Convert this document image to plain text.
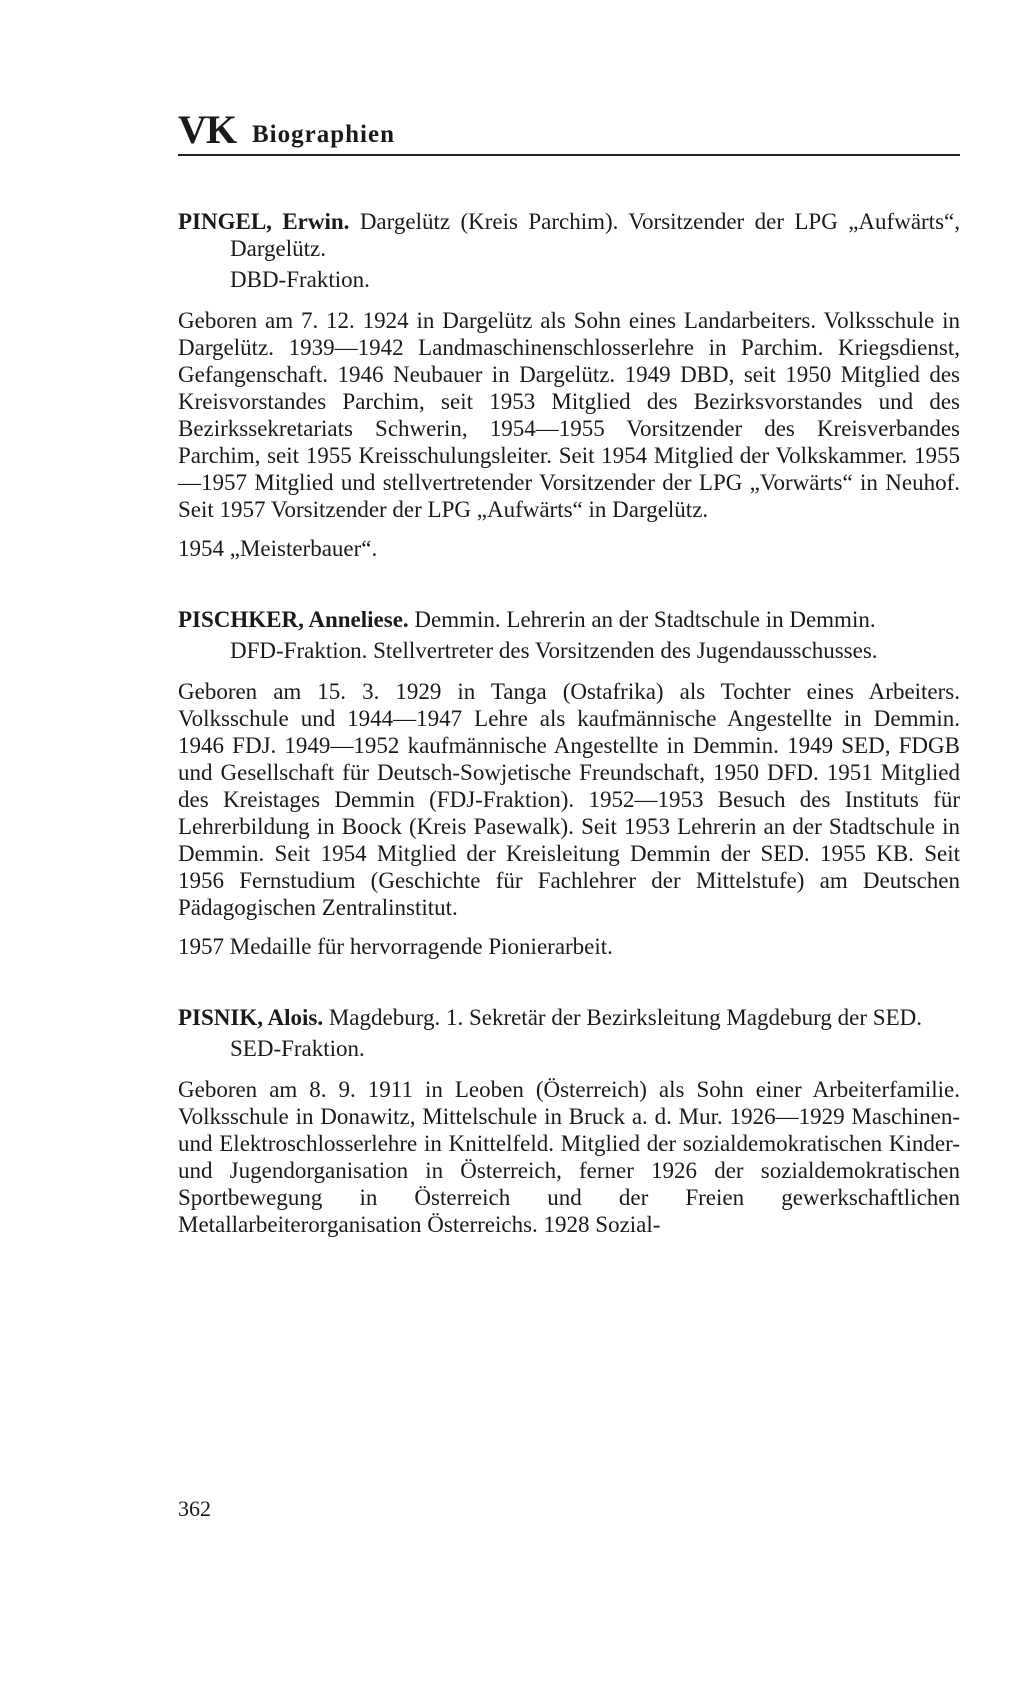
VK Biographien

PINGEL, Erwin. Dargelütz (Kreis Parchim). Vorsitzender der LPG „Aufwärts“, Dargelütz.

DBD-Fraktion.

Geboren am 7. 12. 1924 in Dargelütz als Sohn eines Landarbeiters. Volksschule in Dargelütz. 1939—1942 Landmaschinenschlosserlehre in Parchim. Kriegsdienst, Gefangenschaft. 1946 Neubauer in Dargelütz. 1949 DBD, seit 1950 Mitglied des Kreisvorstandes Parchim, seit 1953 Mitglied des Bezirksvorstandes und des Bezirkssekretariats Schwerin, 1954—1955 Vorsitzender des Kreisverbandes Parchim, seit 1955 Kreisschulungsleiter. Seit 1954 Mitglied der Volkskammer. 1955—1957 Mitglied und stellvertretender Vorsitzender der LPG „Vorwärts“ in Neuhof. Seit 1957 Vorsitzender der LPG „Aufwärts“ in Dargelütz.

1954 „Meisterbauer“.

PISCHKER, Anneliese. Demmin. Lehrerin an der Stadtschule in Demmin.

DFD-Fraktion. Stellvertreter des Vorsitzenden des Jugendausschusses.

Geboren am 15. 3. 1929 in Tanga (Ostafrika) als Tochter eines Arbeiters. Volksschule und 1944—1947 Lehre als kaufmännische Angestellte in Demmin. 1946 FDJ. 1949—1952 kaufmännische Angestellte in Demmin. 1949 SED, FDGB und Gesellschaft für Deutsch-Sowjetische Freundschaft, 1950 DFD. 1951 Mitglied des Kreistages Demmin (FDJ-Fraktion). 1952—1953 Besuch des Instituts für Lehrerbildung in Boock (Kreis Pasewalk). Seit 1953 Lehrerin an der Stadtschule in Demmin. Seit 1954 Mitglied der Kreisleitung Demmin der SED. 1955 KB. Seit 1956 Fernstudium (Geschichte für Fachlehrer der Mittelstufe) am Deutschen Pädagogischen Zentralinstitut.

1957 Medaille für hervorragende Pionierarbeit.

PISNIK, Alois. Magdeburg. 1. Sekretär der Bezirksleitung Magdeburg der SED.

SED-Fraktion.

Geboren am 8. 9. 1911 in Leoben (Österreich) als Sohn einer Arbeiterfamilie. Volksschule in Donawitz, Mittelschule in Bruck a. d. Mur. 1926—1929 Maschinen- und Elektroschlosserlehre in Knittelfeld. Mitglied der sozialdemokratischen Kinder- und Jugendorganisation in Österreich, ferner 1926 der sozialdemokratischen Sportbewegung in Österreich und der Freien gewerkschaftlichen Metallarbeiterorganisation Österreichs. 1928 Sozial-

362
